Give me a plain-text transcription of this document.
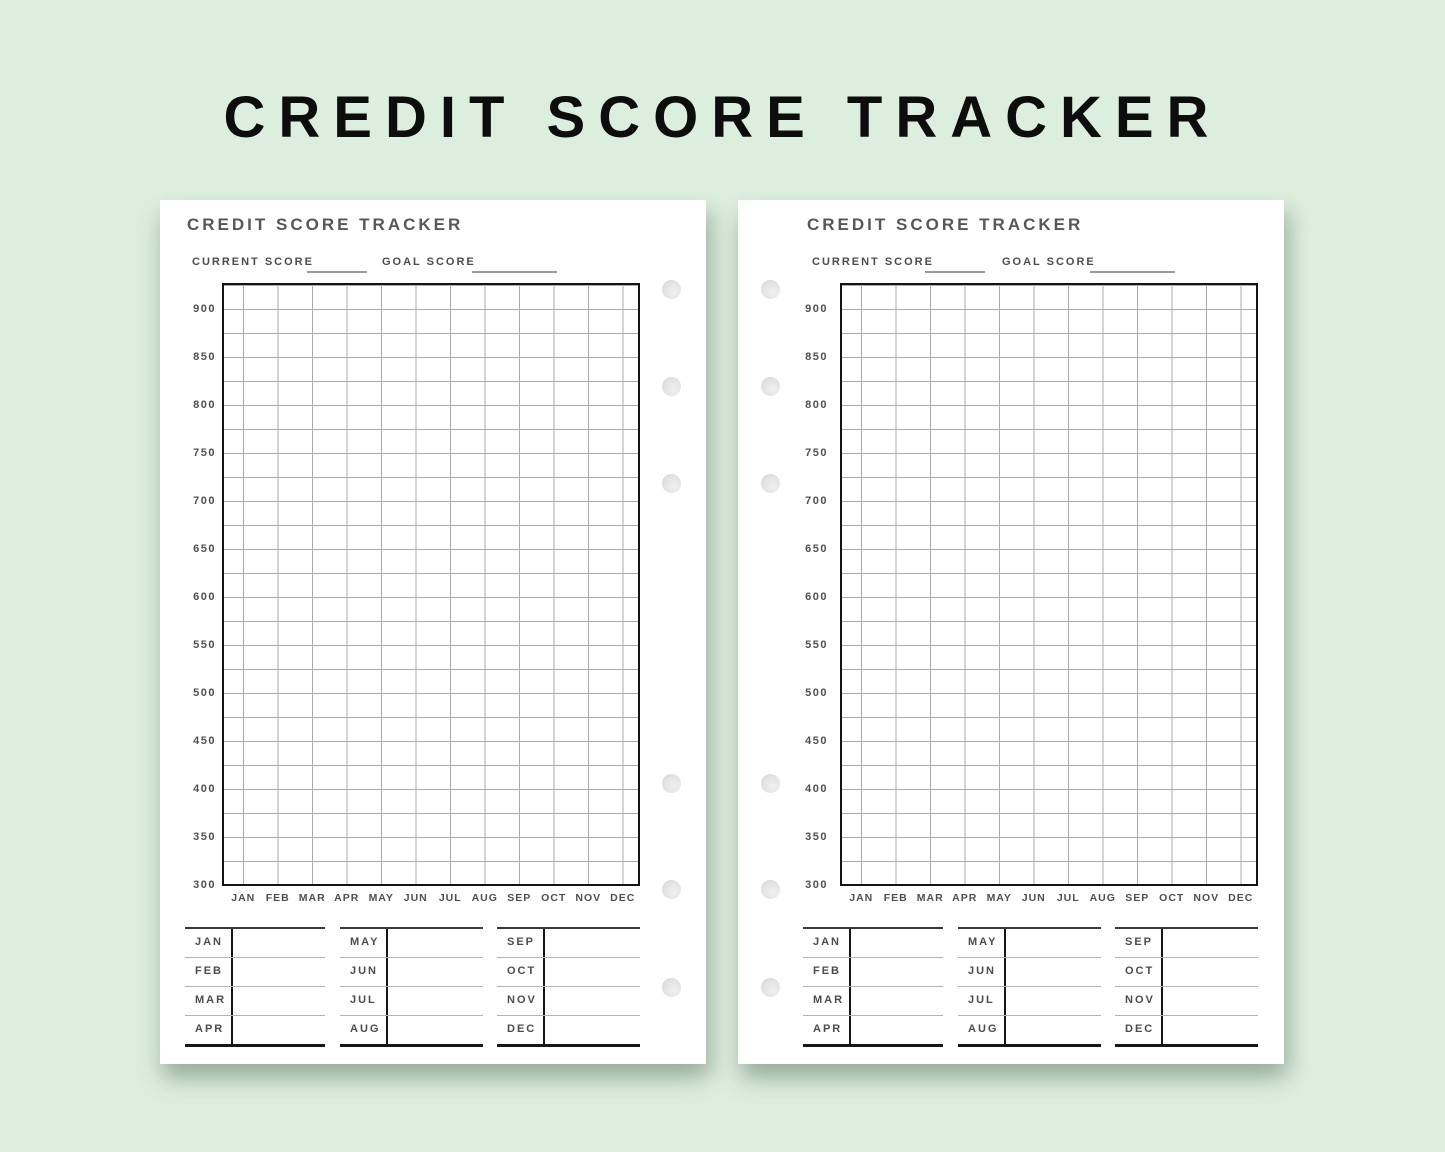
CREDIT SCORE TRACKER
CREDIT SCORE TRACKER
CURRENT SCORE	GOAL SCORE
900
850
800
750
700
650
600
550
500
450
400
350
300
JAN	FEB MAR APR MAY JUN	JUL AUG SEP OCT NOV DEC
JAN
FEB
MAR
APR
MAY
JUN
JUL
AUG
SEP
OCT
NOV
DEC
CREDIT SCORE TRACKER
CURRENT SCORE	GOAL SCORE
900
850
800
750
700
650
600
550
500
450
400
350
300
JAN	FEB MAR APR MAY JUN	JUL AUG SEP OCT NOV DEC
JAN
FEB
MAR
APR
MAY
JUN
JUL
AUG
SEP
OCT
NOV
DEC
